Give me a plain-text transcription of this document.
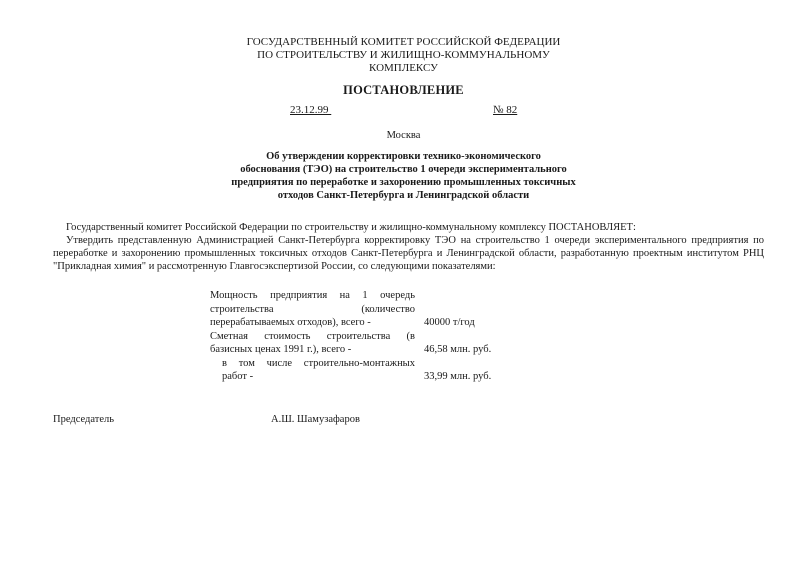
ГОСУДАРСТВЕННЫЙ КОМИТЕТ РОССИЙСКОЙ ФЕДЕРАЦИИ
ПО СТРОИТЕЛЬСТВУ И ЖИЛИЩНО-КОММУНАЛЬНОМУ
КОМПЛЕКСУ
ПОСТАНОВЛЕНИЕ
23.12.99	№ 82
Москва
Об утверждении корректировки технико-экономического
обоснования (ТЭО) на строительство 1 очереди экспериментального
предприятия по переработке и захоронению промышленных токсичных
отходов Санкт-Петербурга и Ленинградской области

Государственный комитет Российской Федерации по строительству и жилищно-коммунальному комплексу ПОСТАНОВЛЯЕТ:

Утвердить представленную Администрацией Санкт-Петербурга корректировку ТЭО на строительство 1 очереди экспериментального предприятия по переработке и захоронению промышленных токсичных отходов Санкт-Петербурга и Ленинградской области, разработанную проектным институтом РНЦ "Прикладная химия" и рассмотренную Главгосэкспертизой России, со следующими показателями:

Мощность предприятия на 1 очередь строительства (количество перерабатываемых отходов), всего -	40000 т/год
Сметная стоимость строительства (в базисных ценах 1991 г.), всего -	46,58 млн. руб.
в том числе строительно-монтажных работ -	33,99 млн. руб.
Председатель	А.Ш. Шамузафаров
